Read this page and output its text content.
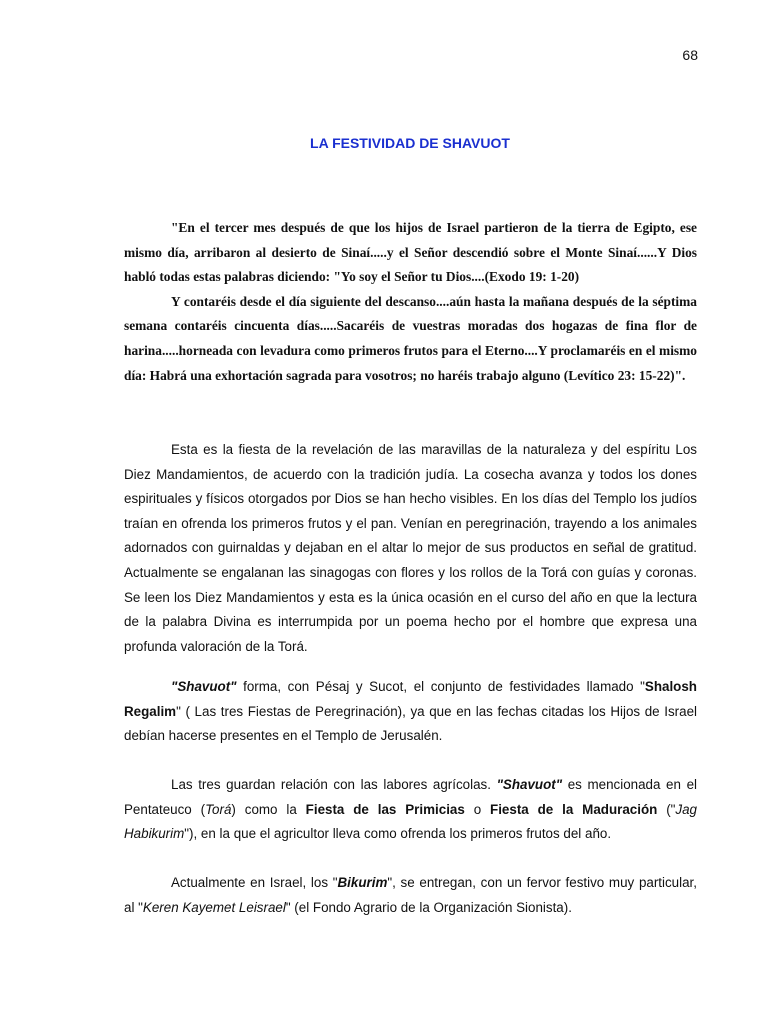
68
LA FESTIVIDAD DE SHAVUOT

"En el tercer mes después de que los hijos de Israel partieron de la tierra de Egipto, ese mismo día, arribaron al desierto de Sinaí.....y el Señor descendió sobre el Monte Sinaí......Y Dios habló todas estas palabras diciendo: "Yo soy el Señor tu Dios....(Exodo 19: 1-20)

Y contaréis desde el día siguiente del descanso....aún hasta la mañana después de la séptima semana contaréis cincuenta días.....Sacaréis de vuestras moradas dos hogazas de fina flor de harina.....horneada con levadura como primeros frutos para el Eterno....Y proclamaréis en el mismo día: Habrá una exhortación sagrada para vosotros; no haréis trabajo alguno (Levítico 23: 15-22)".

Esta es la fiesta de la revelación de las maravillas de la naturaleza y del espíritu Los Diez Mandamientos, de acuerdo con la tradición judía. La cosecha avanza y todos los dones espirituales y físicos otorgados por Dios se han hecho visibles. En los días del Templo los judíos traían en ofrenda los primeros frutos y el pan. Venían en peregrinación, trayendo a los animales adornados con guirnaldas y dejaban en el altar lo mejor de sus productos en señal de gratitud. Actualmente se engalanan las sinagogas con flores y los rollos de la Torá con guías y coronas. Se leen los Diez Mandamientos y esta es la única ocasión en el curso del año en que la lectura de la palabra Divina es interrumpida por un poema hecho por el hombre que expresa una profunda valoración de la Torá.

"Shavuot" forma, con Pésaj y Sucot, el conjunto de festividades llamado "Shalosh Regalim" ( Las tres Fiestas de Peregrinación), ya que en las fechas citadas los Hijos de Israel debían hacerse presentes en el Templo de Jerusalén.

Las tres guardan relación con las labores agrícolas. "Shavuot" es mencionada en el Pentateuco (Torá) como la Fiesta de las Primicias o Fiesta de la Maduración ("Jag Habikurim"), en la que el agricultor lleva como ofrenda los primeros frutos del año.

Actualmente en Israel, los "Bikurim", se entregan, con un fervor festivo muy particular, al "Keren Kayemet Leisrael" (el Fondo Agrario de la Organización Sionista).
